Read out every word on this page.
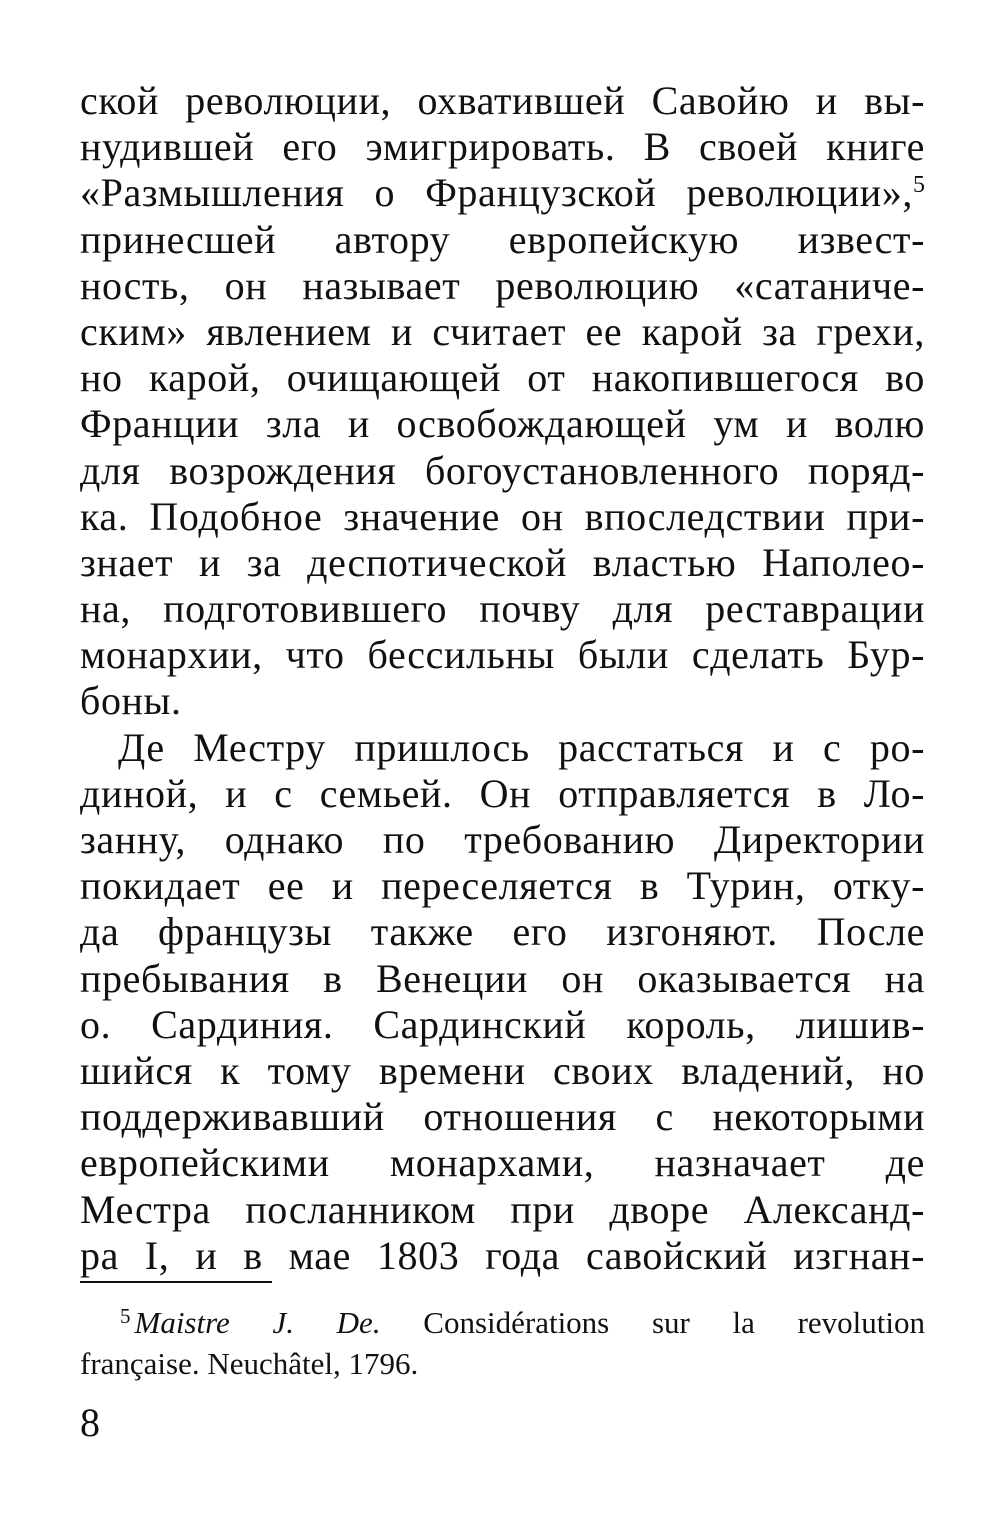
ской революции, охватившей Савойю и вы-
нудившей его эмигрировать. В своей книге
«Размышления о Французской революции»,$^5$
принесшей автору европейскую извест-
ность, он называет революцию «сатаниче-
ским» явлением и считает ее карой за грехи,
но карой, очищающей от накопившегося во
Франции зла и освобождающей ум и волю
для возрождения богоустановленного поряд-
ка. Подобное значение он впоследствии при-
знает и за деспотической властью Наполео-
на, подготовившего почву для реставрации
монархии, что бессильны были сделать Бур-
боны.
Де Местру пришлось расстаться и с ро-
диной, и с семьей. Он отправляется в Ло-
занну, однако по требованию Директории
покидает ее и переселяется в Турин, отку-
да французы также его изгоняют. После
пребывания в Венеции он оказывается на
о. Сардиния. Сардинский король, лишив-
шийся к тому времени своих владений, но
поддерживавший отношения с некоторыми
европейскими монархами, назначает де
Местра посланником при дворе Александ-
ра I, и в мае 1803 года савойский изгнан-
$^5$ Maistre J. De. Considérations sur la revolution
française. Neuchâtel, 1796.
8
